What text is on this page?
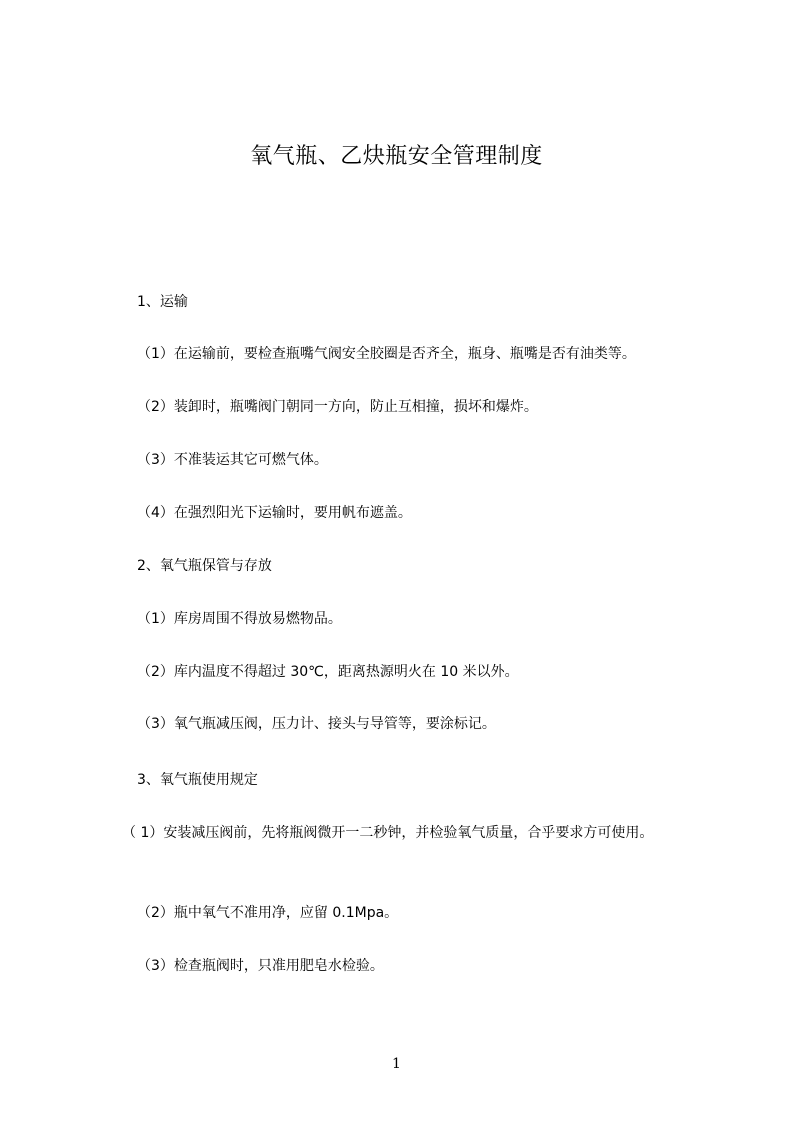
氧气瓶、乙炔瓶安全管理制度
1、运输
（1）在运输前，要检查瓶嘴气阀安全胶圈是否齐全，瓶身、瓶嘴是否有油类等。
（2）装卸时，瓶嘴阀门朝同一方向，防止互相撞，损坏和爆炸。
（3）不准装运其它可燃气体。
（4）在强烈阳光下运输时，要用帆布遮盖。
2、氧气瓶保管与存放
（1）库房周围不得放易燃物品。
（2）库内温度不得超过 30℃，距离热源明火在 10 米以外。
（3）氧气瓶减压阀，压力计、接头与导管等，要涂标记。
3、氧气瓶使用规定
（ 1）安装减压阀前，先将瓶阀微开一二秒钟，并检验氧气质量，合乎要求方可使用。
（2）瓶中氧气不准用净，应留 0.1Mpa。
（3）检查瓶阀时，只准用肥皂水检验。
1
